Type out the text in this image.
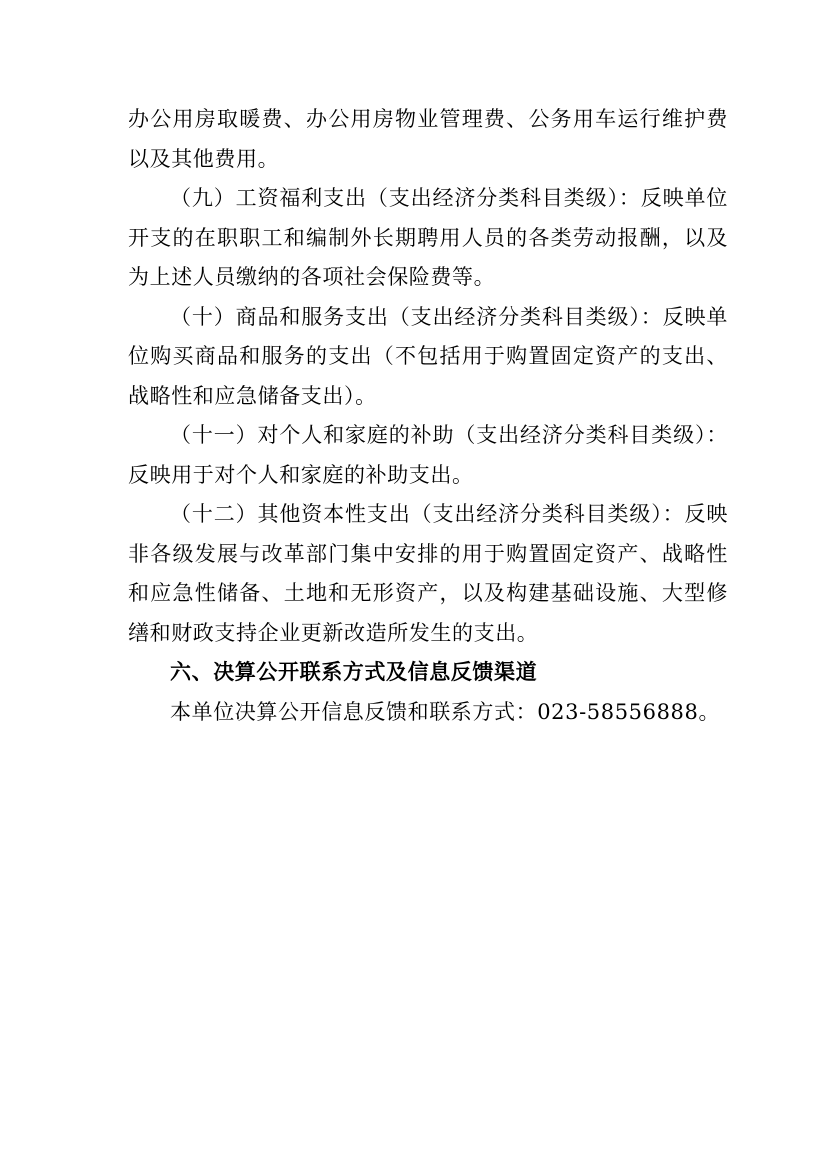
办公用房取暖费、办公用房物业管理费、公务用车运行维护费以及其他费用。

（九）工资福利支出（支出经济分类科目类级）：反映单位开支的在职职工和编制外长期聘用人员的各类劳动报酬，以及为上述人员缴纳的各项社会保险费等。

（十）商品和服务支出（支出经济分类科目类级）：反映单位购买商品和服务的支出（不包括用于购置固定资产的支出、战略性和应急储备支出）。

（十一）对个人和家庭的补助（支出经济分类科目类级）：反映用于对个人和家庭的补助支出。

（十二）其他资本性支出（支出经济分类科目类级）：反映非各级发展与改革部门集中安排的用于购置固定资产、战略性和应急性储备、土地和无形资产，以及构建基础设施、大型修缮和财政支持企业更新改造所发生的支出。

六、决算公开联系方式及信息反馈渠道

本单位决算公开信息反馈和联系方式：023-58556888。
